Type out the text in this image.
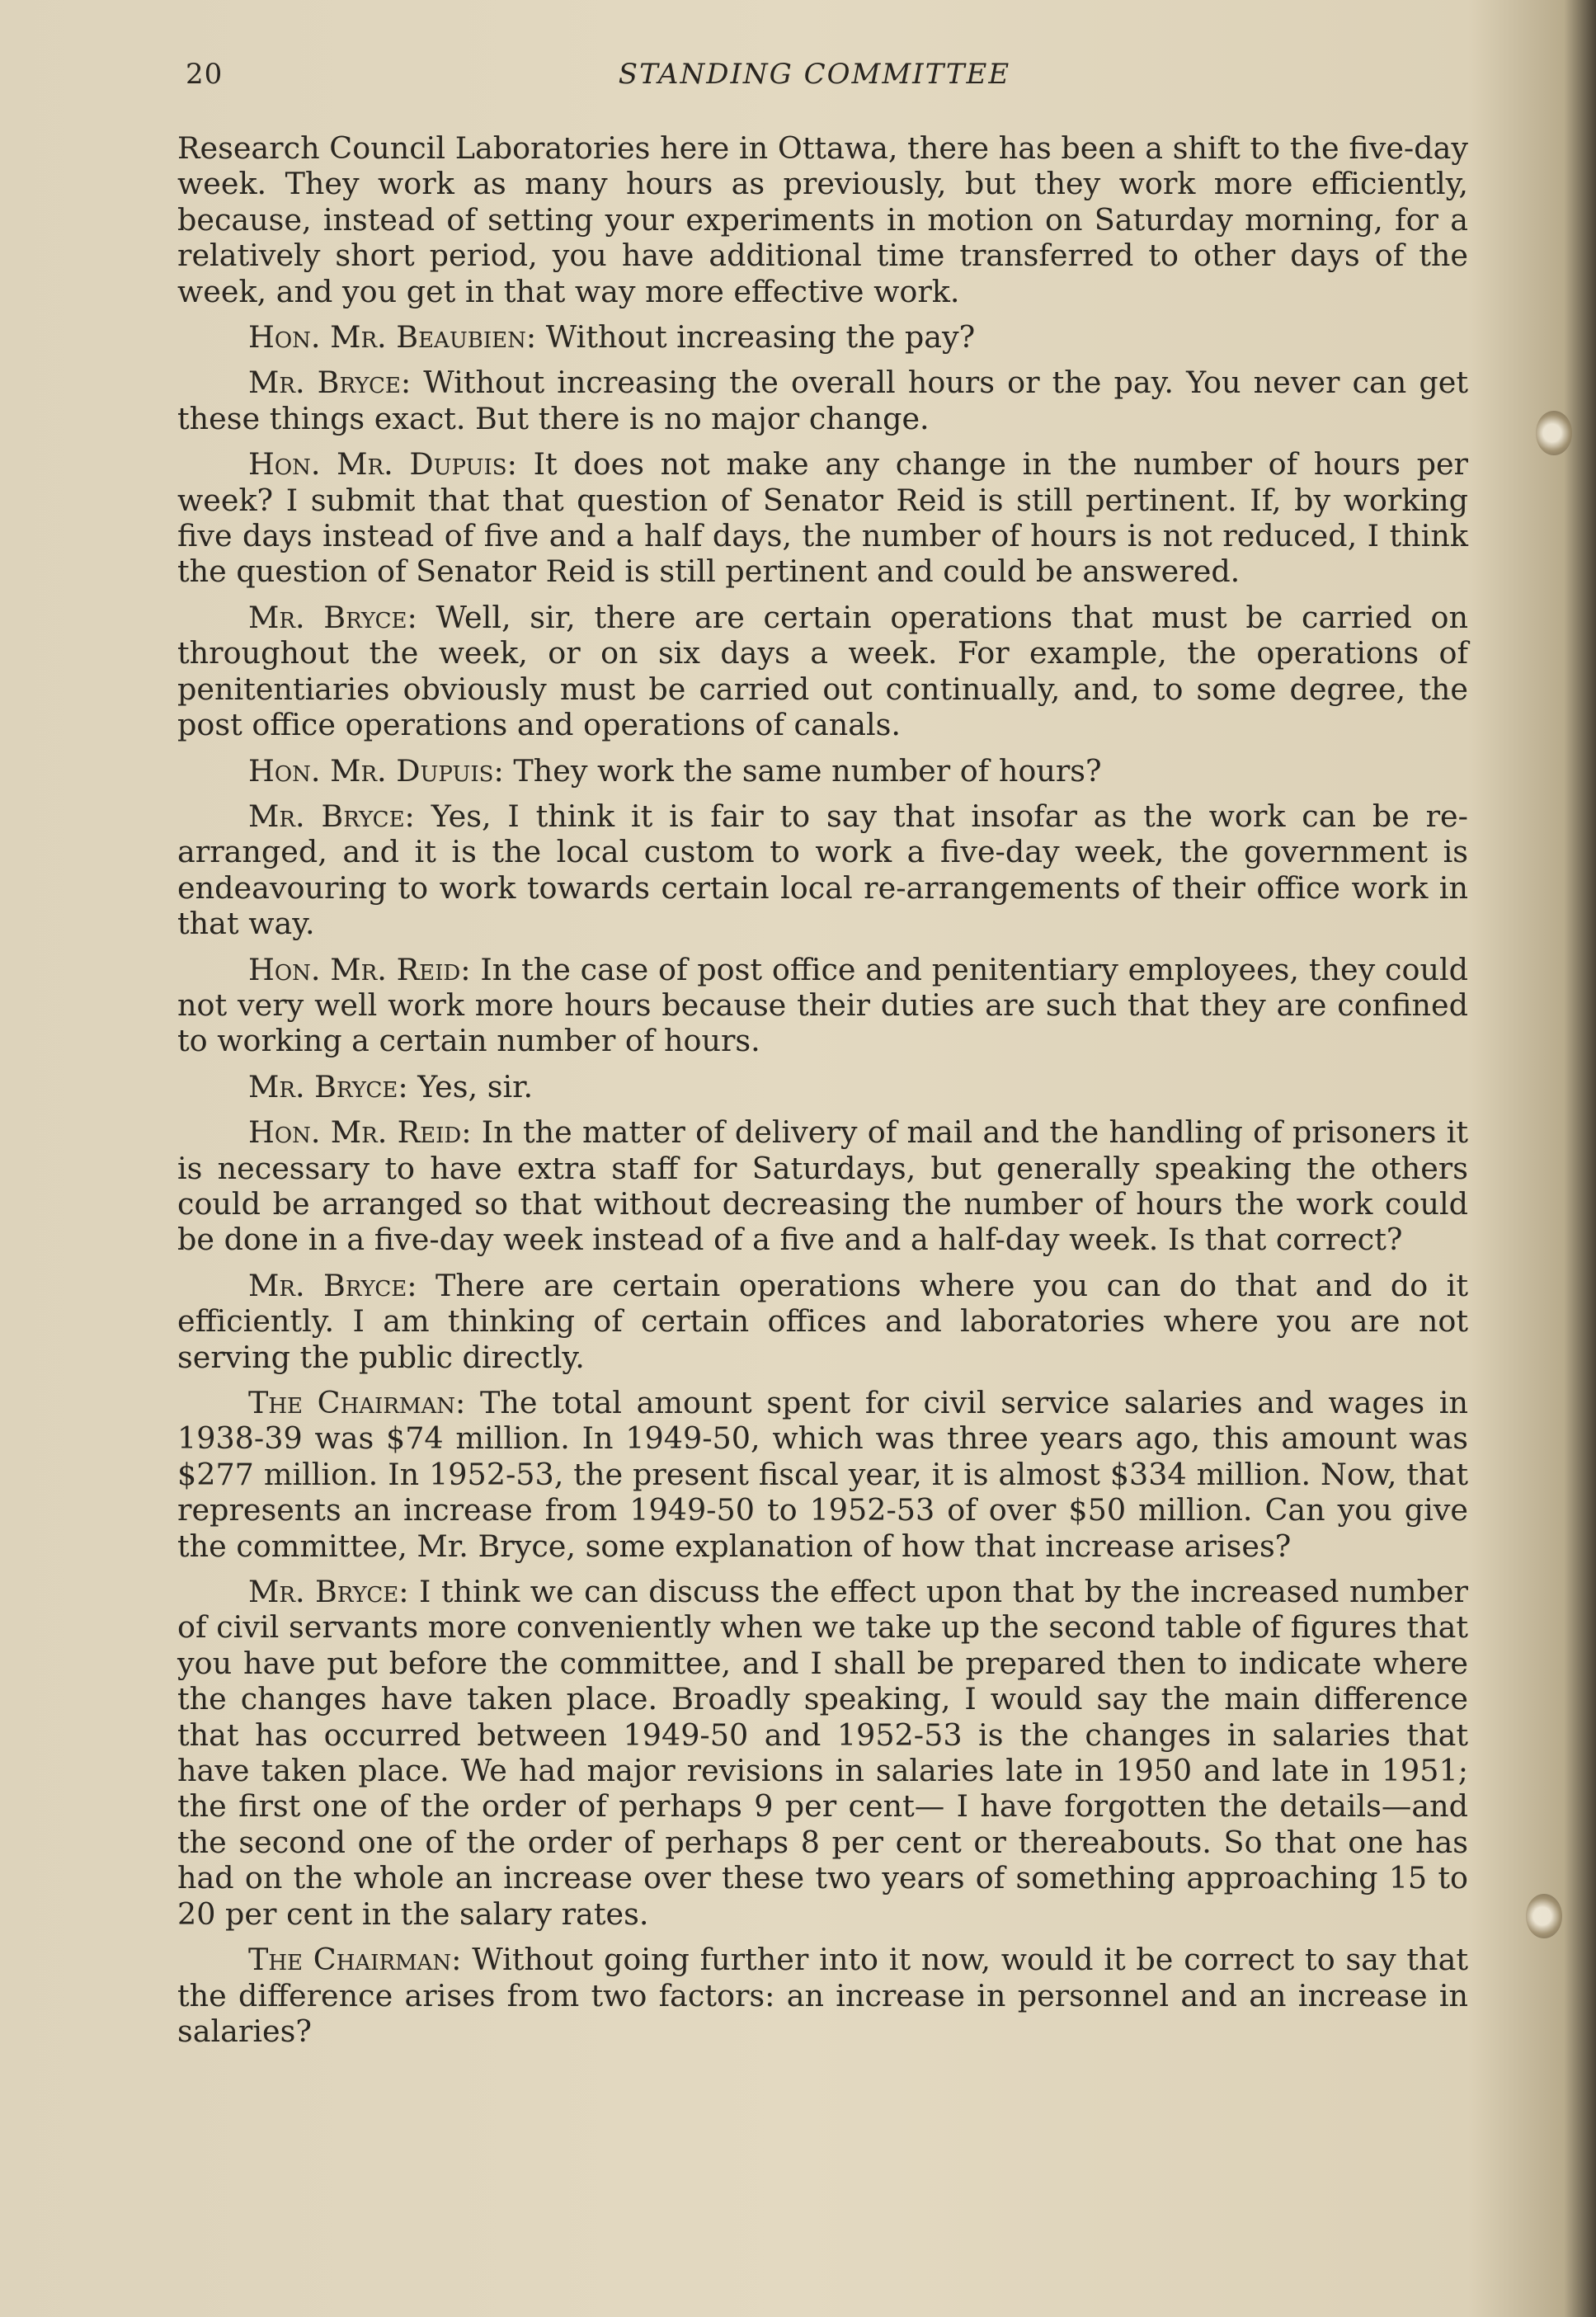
20	STANDING COMMITTEE

Research Council Laboratories here in Ottawa, there has been a shift to the five-day week. They work as many hours as previously, but they work more efficiently, because, instead of setting your experiments in motion on Saturday morning, for a relatively short period, you have additional time transferred to other days of the week, and you get in that way more effective work.

Hon. Mr. Beaubien: Without increasing the pay?

Mr. Bryce: Without increasing the overall hours or the pay. You never can get these things exact. But there is no major change.

Hon. Mr. Dupuis: It does not make any change in the number of hours per week? I submit that that question of Senator Reid is still pertinent. If, by working five days instead of five and a half days, the number of hours is not reduced, I think the question of Senator Reid is still pertinent and could be answered.

Mr. Bryce: Well, sir, there are certain operations that must be carried on throughout the week, or on six days a week. For example, the operations of penitentiaries obviously must be carried out continually, and, to some degree, the post office operations and operations of canals.

Hon. Mr. Dupuis: They work the same number of hours?

Mr. Bryce: Yes, I think it is fair to say that insofar as the work can be re-arranged, and it is the local custom to work a five-day week, the government is endeavouring to work towards certain local re-arrangements of their office work in that way.

Hon. Mr. Reid: In the case of post office and penitentiary employees, they could not very well work more hours because their duties are such that they are confined to working a certain number of hours.

Mr. Bryce: Yes, sir.

Hon. Mr. Reid: In the matter of delivery of mail and the handling of prisoners it is necessary to have extra staff for Saturdays, but generally speaking the others could be arranged so that without decreasing the number of hours the work could be done in a five-day week instead of a five and a half-day week. Is that correct?

Mr. Bryce: There are certain operations where you can do that and do it efficiently. I am thinking of certain offices and laboratories where you are not serving the public directly.

The Chairman: The total amount spent for civil service salaries and wages in 1938-39 was $74 million. In 1949-50, which was three years ago, this amount was $277 million. In 1952-53, the present fiscal year, it is almost $334 million. Now, that represents an increase from 1949-50 to 1952-53 of over $50 million. Can you give the committee, Mr. Bryce, some explanation of how that increase arises?

Mr. Bryce: I think we can discuss the effect upon that by the increased number of civil servants more conveniently when we take up the second table of figures that you have put before the committee, and I shall be prepared then to indicate where the changes have taken place. Broadly speaking, I would say the main difference that has occurred between 1949-50 and 1952-53 is the changes in salaries that have taken place. We had major revisions in salaries late in 1950 and late in 1951; the first one of the order of perhaps 9 per cent— I have forgotten the details—and the second one of the order of perhaps 8 per cent or thereabouts. So that one has had on the whole an increase over these two years of something approaching 15 to 20 per cent in the salary rates.

The Chairman: Without going further into it now, would it be correct to say that the difference arises from two factors: an increase in personnel and an increase in salaries?
